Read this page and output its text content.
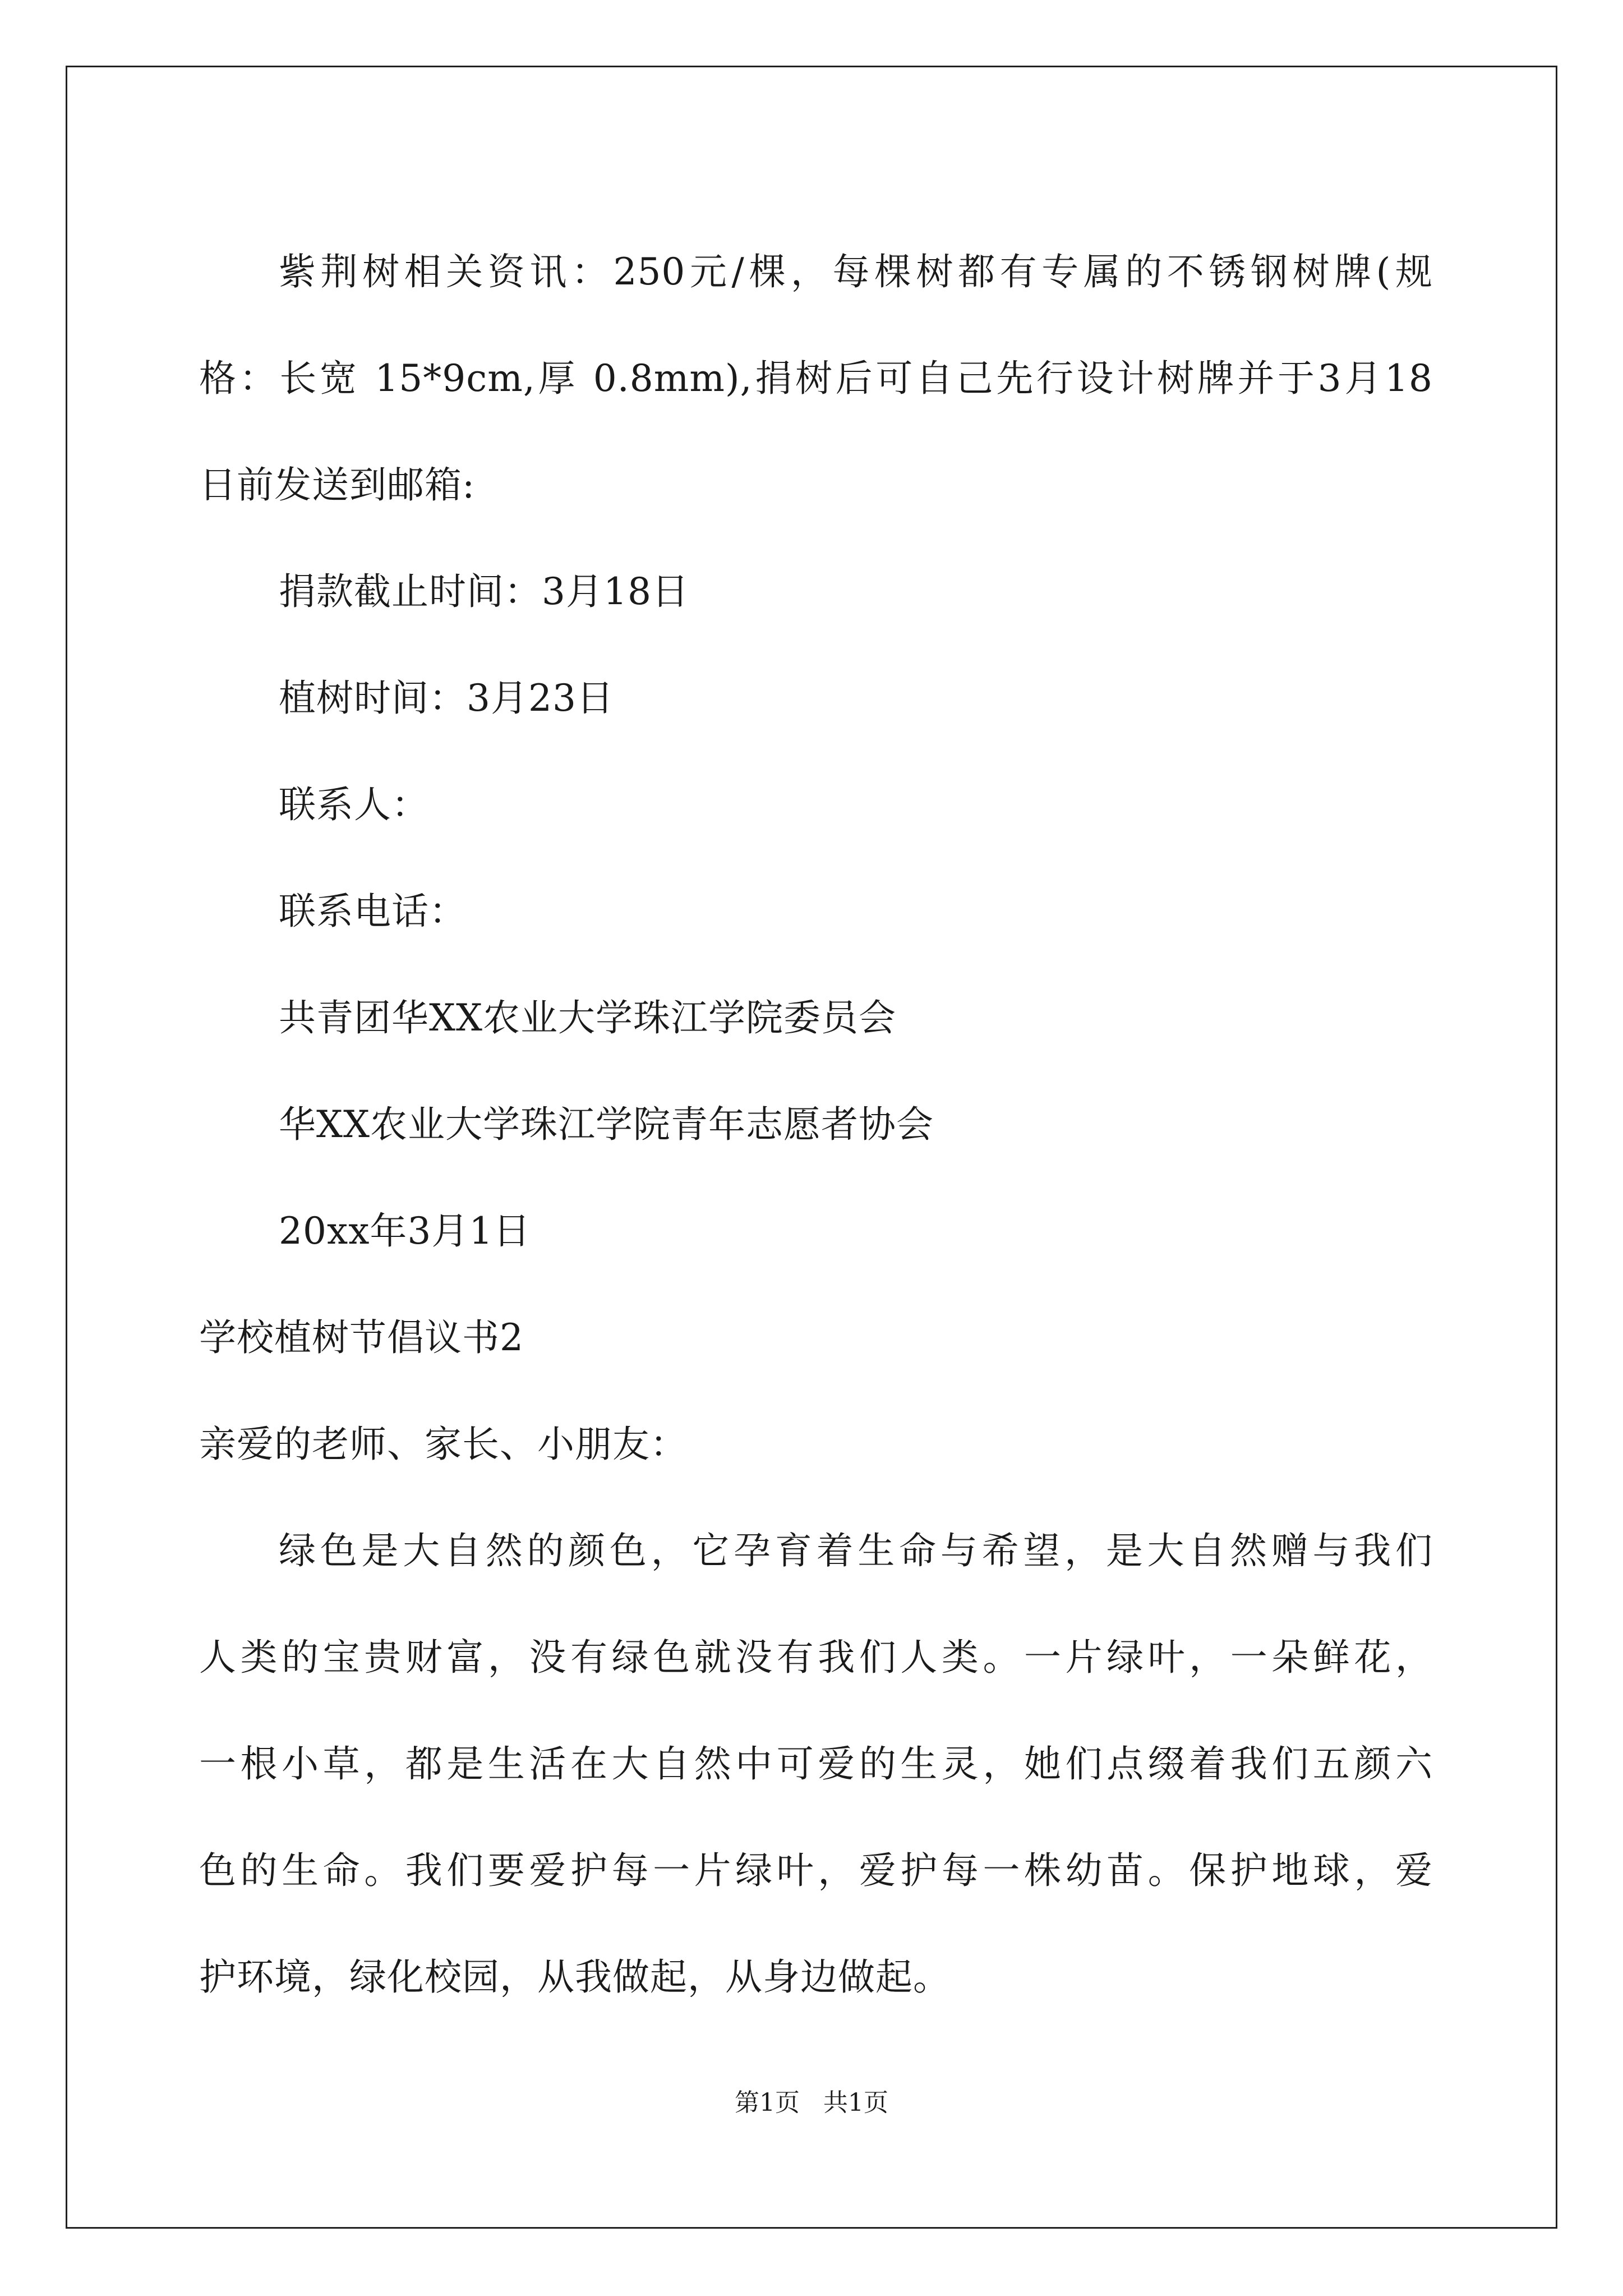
紫荆树相关资讯：250元/棵，每棵树都有专属的不锈钢树牌(规
格：长宽 15*9cm,厚 0.8mm),捐树后可自己先行设计树牌并于3月18
日前发送到邮箱:
捐款截止时间：3月18日
植树时间：3月23日
联系人：
联系电话：
共青团华XX农业大学珠江学院委员会
华XX农业大学珠江学院青年志愿者协会
20xx年3月1日
学校植树节倡议书2
亲爱的老师、家长、小朋友：
绿色是大自然的颜色，它孕育着生命与希望，是大自然赠与我们
人类的宝贵财富，没有绿色就没有我们人类。一片绿叶，一朵鲜花，
一根小草，都是生活在大自然中可爱的生灵，她们点缀着我们五颜六
色的生命。我们要爱护每一片绿叶，爱护每一株幼苗。保护地球，爱
护环境，绿化校园，从我做起，从身边做起。
第1页 共1页
